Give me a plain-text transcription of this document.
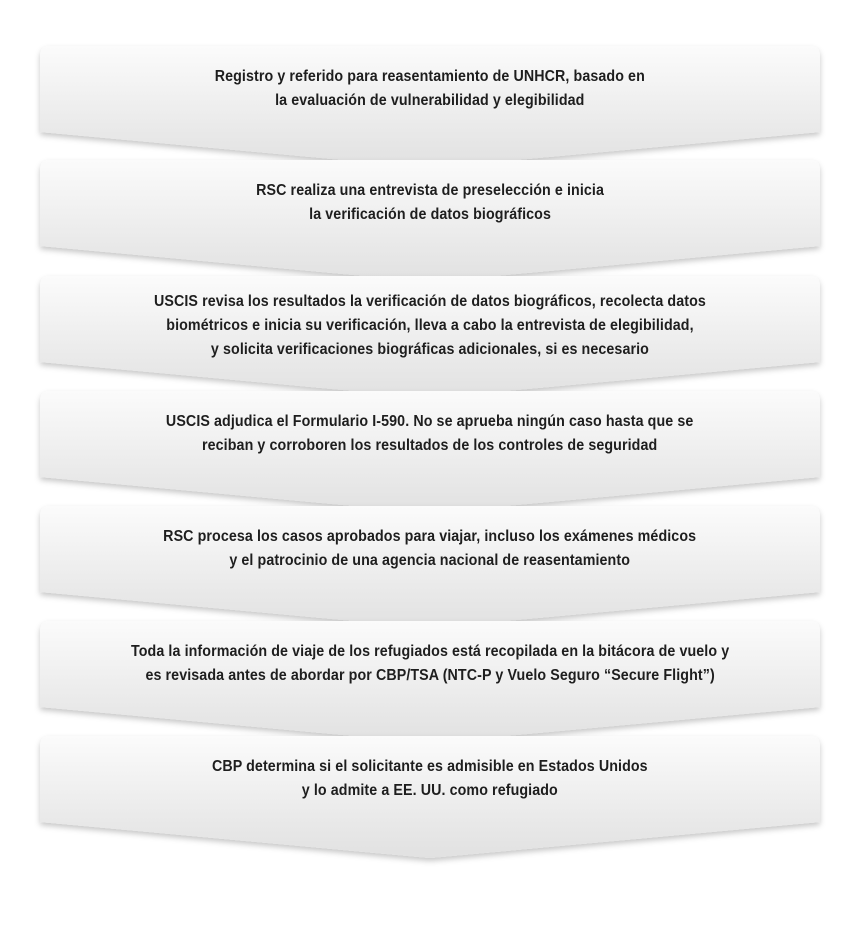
Registro y referido para reasentamiento de UNHCR, basado en
la evaluación de vulnerabilidad y elegibilidad
RSC realiza una entrevista de preselección e inicia
la verificación de datos biográficos
USCIS revisa los resultados la verificación de datos biográficos, recolecta datos
biométricos e inicia su verificación, lleva a cabo la entrevista de elegibilidad,
y solicita verificaciones biográficas adicionales, si es necesario
USCIS adjudica el Formulario I-590. No se aprueba ningún caso hasta que se
reciban y corroboren los resultados de los controles de seguridad
RSC procesa los casos aprobados para viajar, incluso los exámenes médicos
y el patrocinio de una agencia nacional de reasentamiento
Toda la información de viaje de los refugiados está recopilada en la bitácora de vuelo y
es revisada antes de abordar por CBP/TSA (NTC-P y Vuelo Seguro “Secure Flight”)
CBP determina si el solicitante es admisible en Estados Unidos
y lo admite a EE. UU. como refugiado
